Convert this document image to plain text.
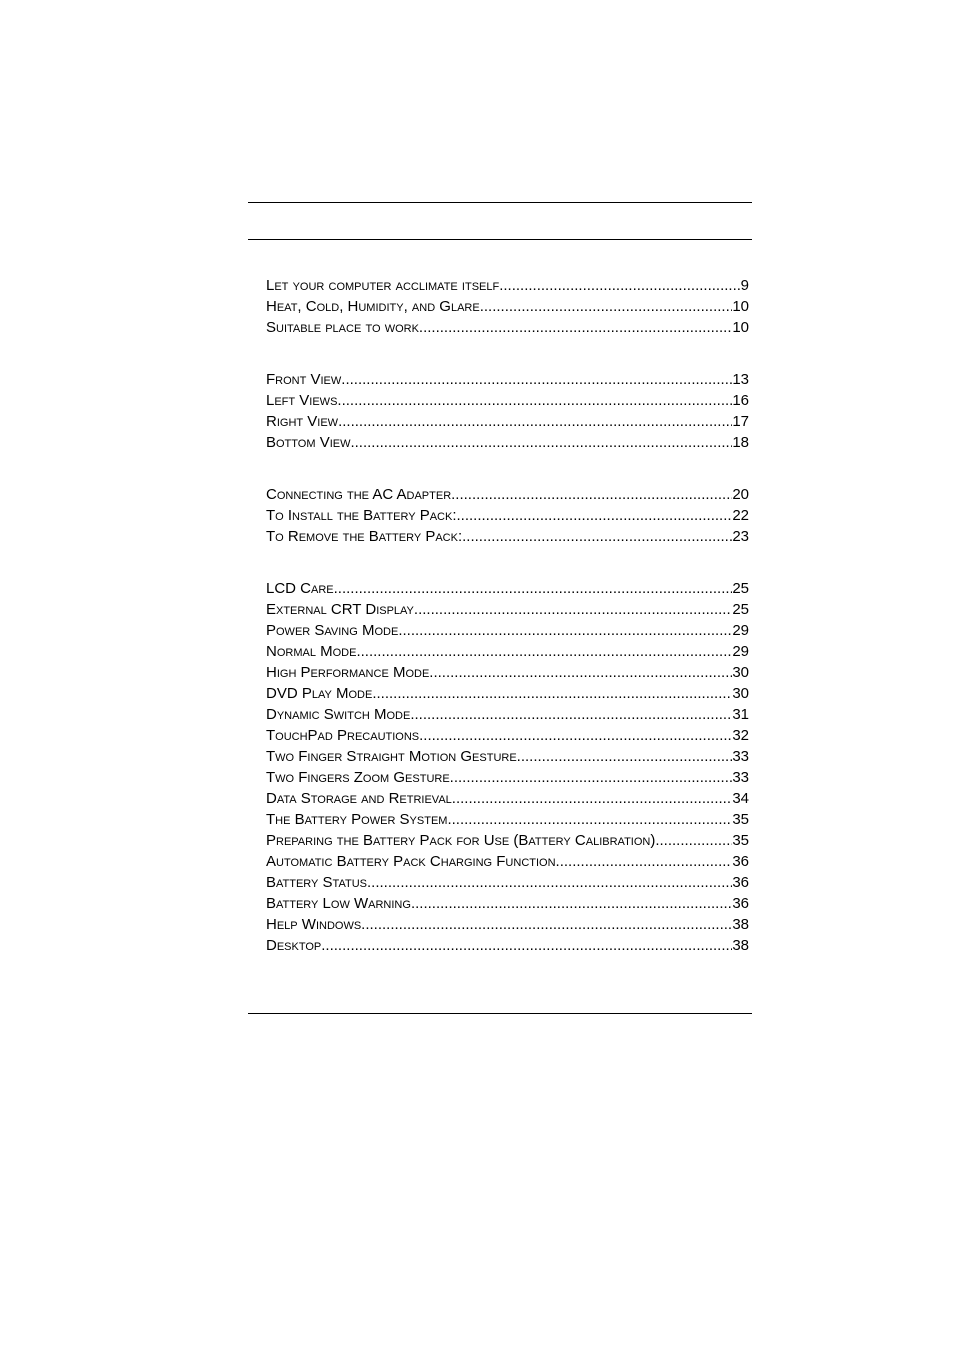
Let your computer acclimate itself .....	9
Heat, Cold, Humidity, and Glare .....	10
Suitable place to work .....	10
Front View .....	13
Left Views .....	16
Right View .....	17
Bottom View .....	18
Connecting the AC Adapter .....	20
To Install the Battery Pack: .....	22
To Remove the Battery Pack: .....	23
LCD Care .....	25
External CRT Display .....	25
Power Saving Mode .....	29
Normal Mode .....	29
High Performance Mode .....	30
DVD Play Mode .....	30
Dynamic Switch Mode .....	31
TouchPad Precautions .....	32
Two Finger Straight Motion Gesture .....	33
Two Fingers Zoom Gesture .....	33
Data Storage and Retrieval .....	34
The Battery Power System .....	35
Preparing the Battery Pack for Use (Battery Calibration) .....	35
Automatic Battery Pack Charging Function .....	36
Battery Status .....	36
Battery Low Warning .....	36
Help Windows .....	38
Desktop .....	38
